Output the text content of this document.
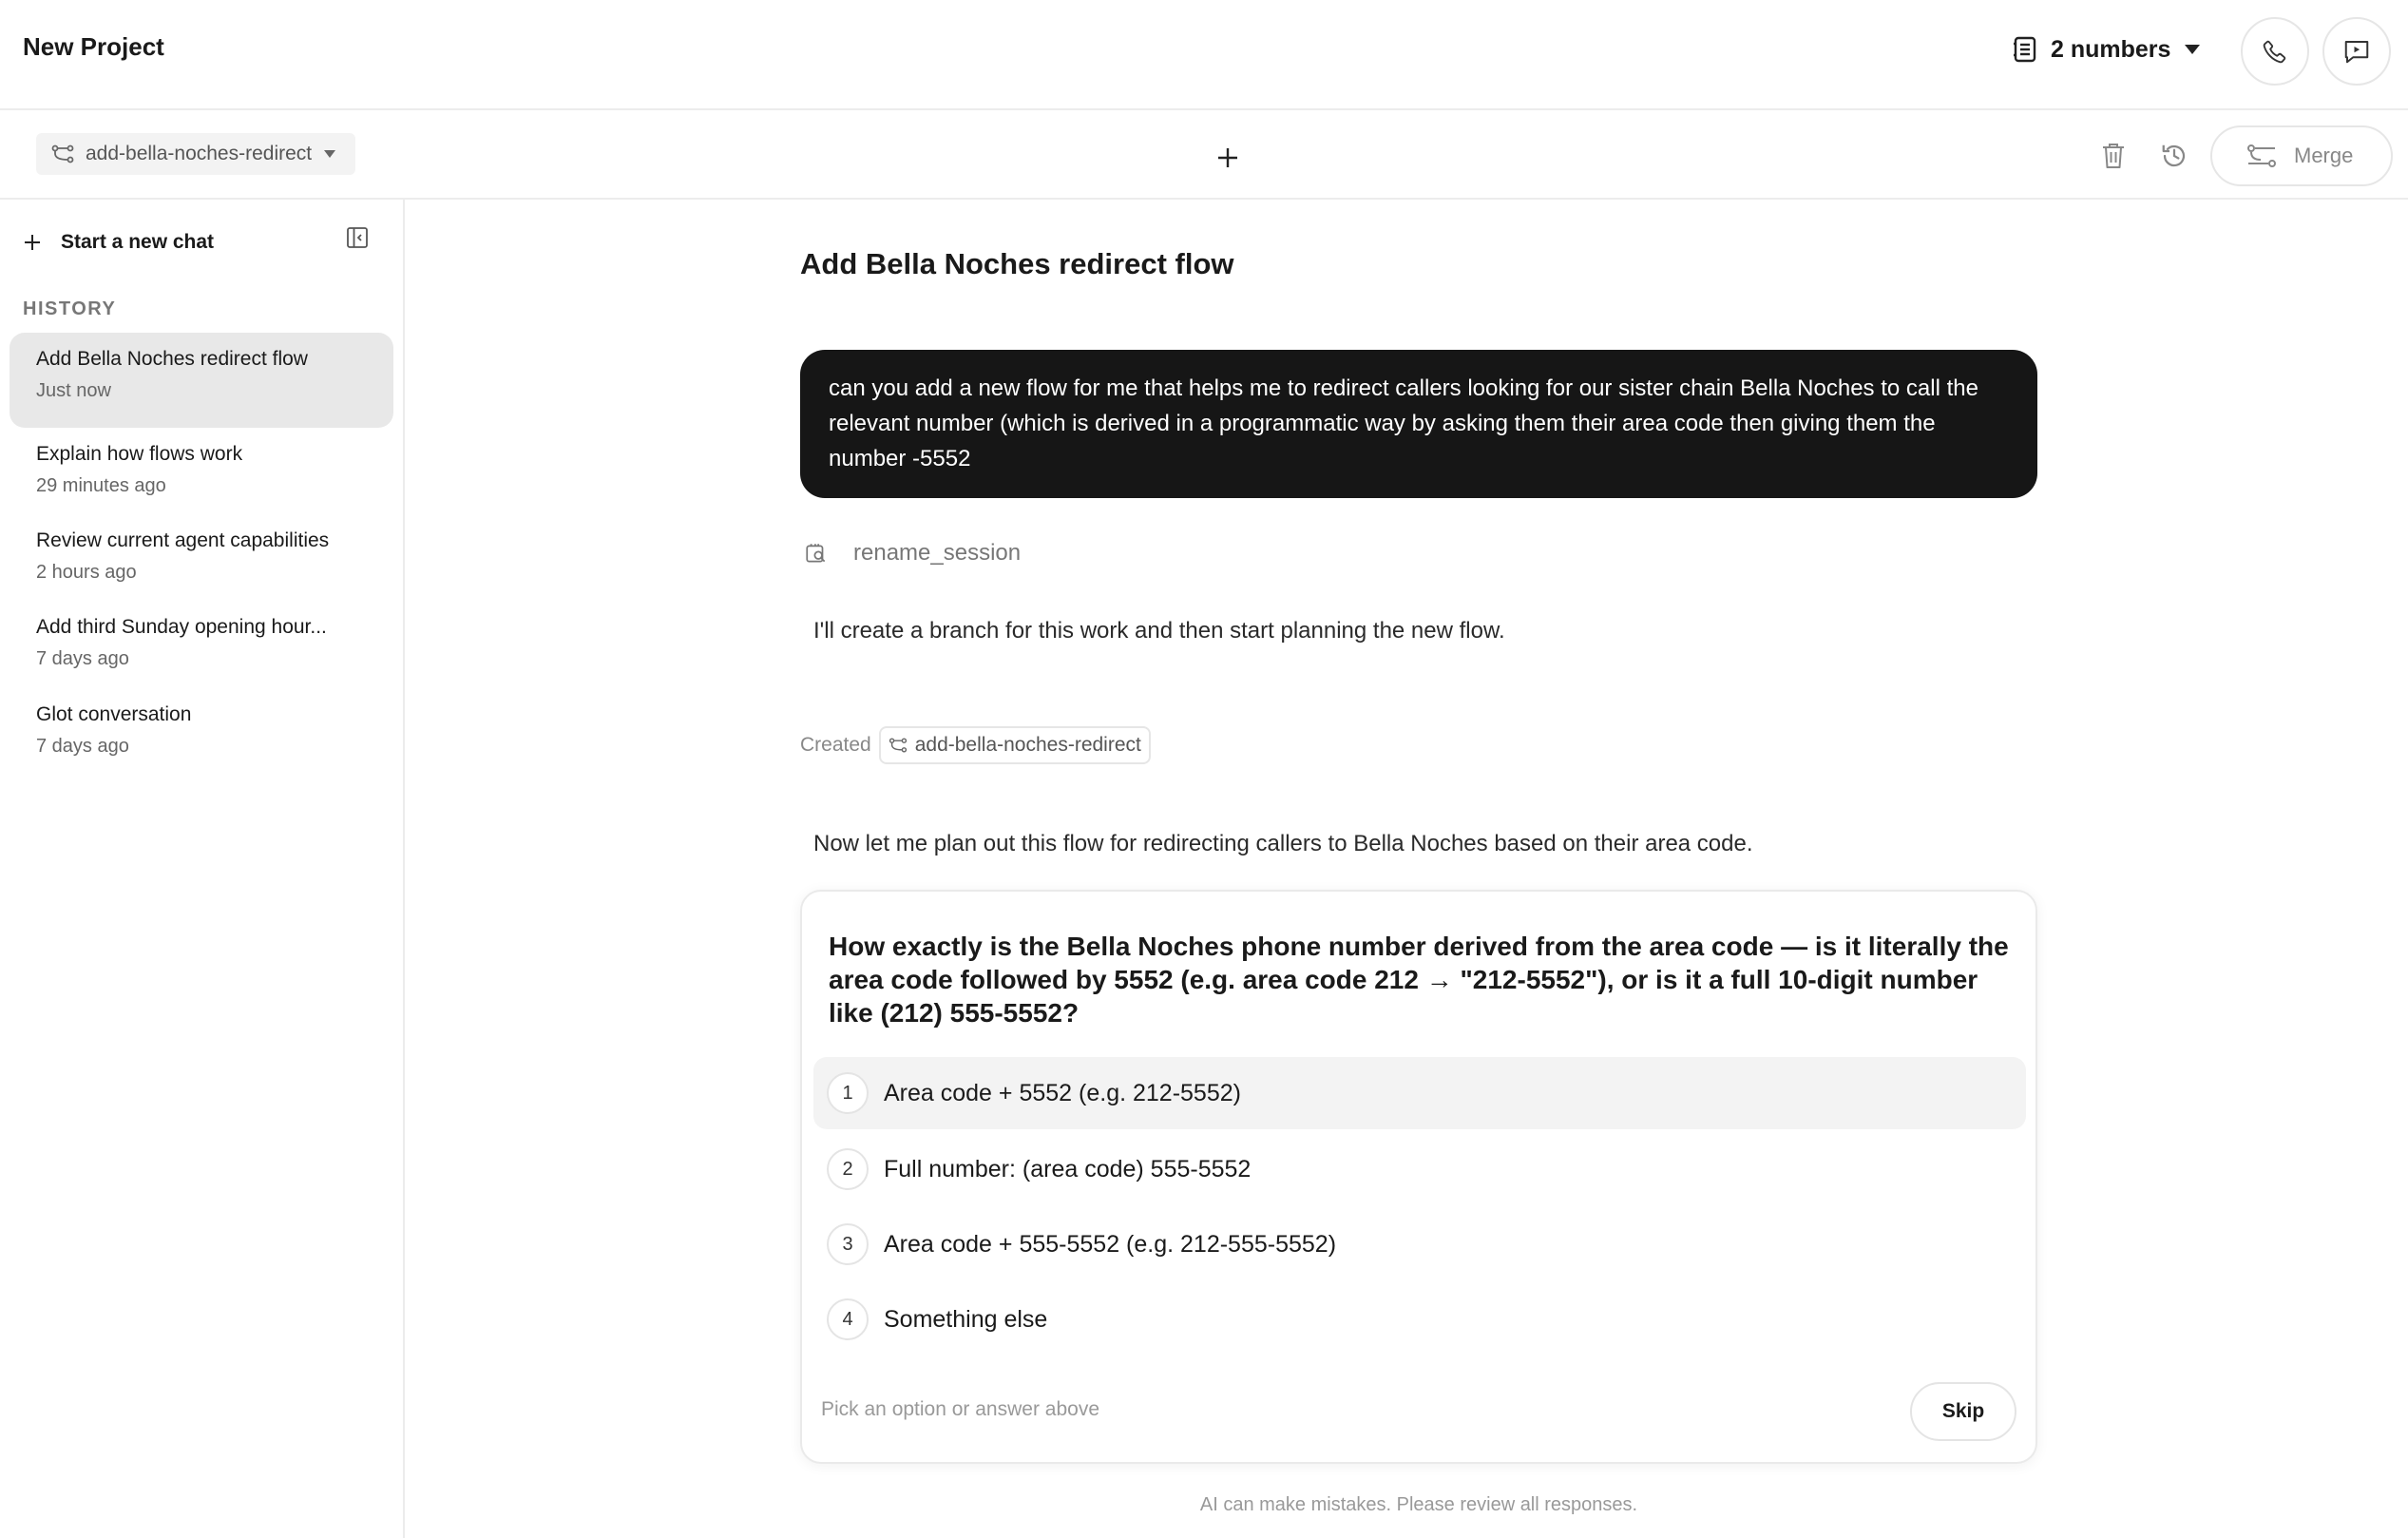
New Project	2 numbers
add-bella-noches-redirect	Merge
Start a new chat
HISTORY
Add Bella Noches redirect flow
Just now
Explain how flows work
29 minutes ago
Review current agent capabilities
2 hours ago
Add third Sunday opening hour...
7 days ago
Glot conversation
7 days ago
Add Bella Noches redirect flow
can you add a new flow for me that helps me to redirect callers looking for our sister chain Bella Noches to call the relevant number (which is derived in a programmatic way by asking them their area code then giving them the number -5552
rename_session
I'll create a branch for this work and then start planning the new flow.
Created add-bella-noches-redirect
Now let me plan out this flow for redirecting callers to Bella Noches based on their area code.
How exactly is the Bella Noches phone number derived from the area code — is it literally the area code followed by 5552 (e.g. area code 212 → "212-5552"), or is it a full 10-digit number like (212) 555-5552?
1	Area code + 5552 (e.g. 212-5552)
2	Full number: (area code) 555-5552
3	Area code + 555-5552 (e.g. 212-555-5552)
4	Something else
Pick an option or answer above
Skip
AI can make mistakes. Please review all responses.
